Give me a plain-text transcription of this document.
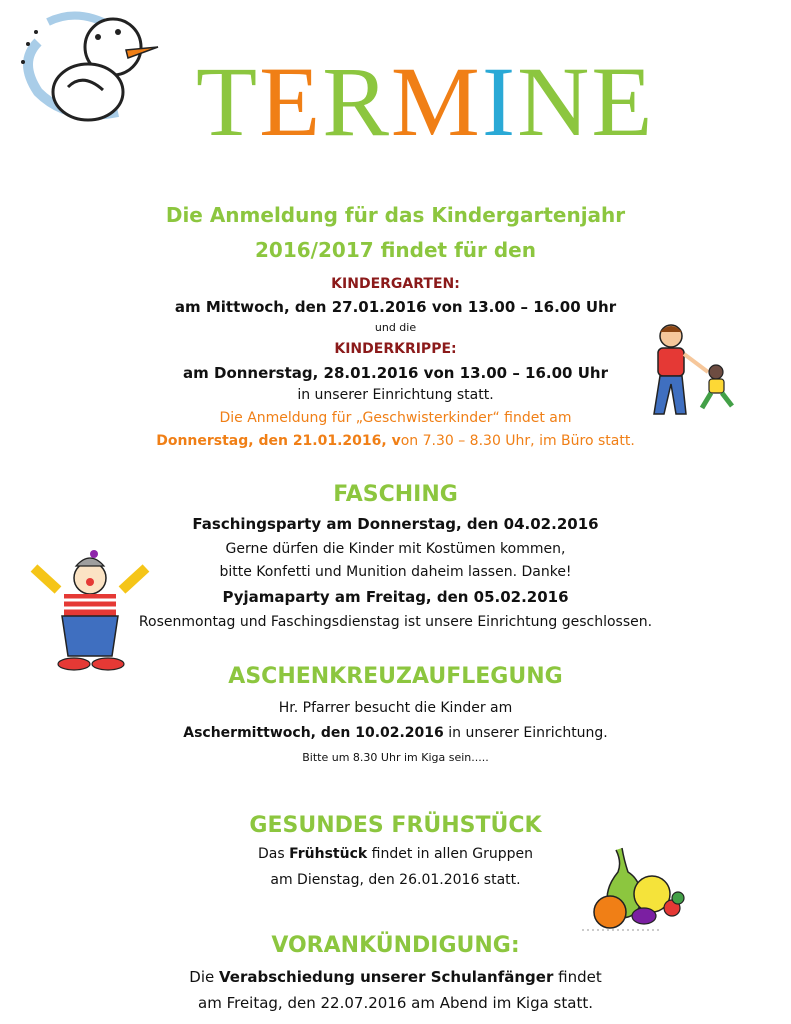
TERMINE
Die Anmeldung für das Kindergartenjahr
2016/2017 findet für den
KINDERGARTEN:
am Mittwoch, den 27.01.2016 von 13.00 – 16.00 Uhr
und die
KINDERKRIPPE:
am Donnerstag, 28.01.2016 von 13.00 – 16.00 Uhr
in unserer Einrichtung statt.
Die Anmeldung für „Geschwisterkinder“ findet am
Donnerstag, den 21.01.2016, von 7.30 – 8.30 Uhr, im Büro statt.
FASCHING
Faschingsparty am Donnerstag, den 04.02.2016
Gerne dürfen die Kinder mit Kostümen kommen,
bitte Konfetti und Munition daheim lassen. Danke!
Pyjamaparty am Freitag, den 05.02.2016
Rosenmontag und Faschingsdienstag ist unsere Einrichtung geschlossen.
ASCHENKREUZAUFLEGUNG
Hr. Pfarrer besucht die Kinder am
Aschermittwoch, den 10.02.2016 in unserer Einrichtung.
Bitte um 8.30 Uhr im Kiga sein.....
GESUNDES FRÜHSTÜCK
Das Frühstück findet in allen Gruppen
am Dienstag, den 26.01.2016 statt.
VORANKÜNDIGUNG:
Die Verabschiedung unserer Schulanfänger findet
am Freitag, den 22.07.2016 am Abend im Kiga statt.
